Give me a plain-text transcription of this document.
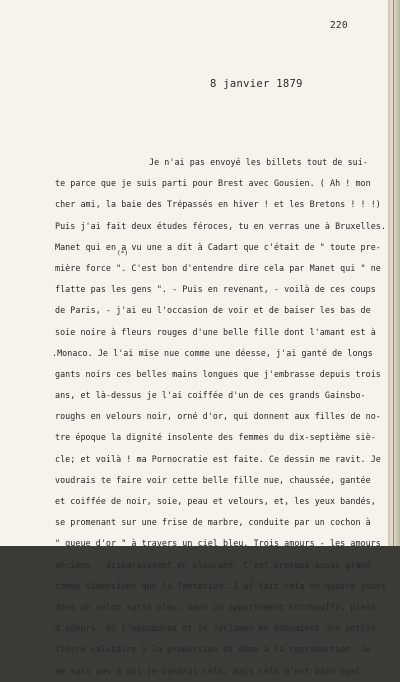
220
8 janvier 1879
Je n'ai pas envoyé les billets tout de sui-
te parce que je suis parti pour Brest avec Gousien. ( Ah ! mon
cher ami, la baie des Trépassés en hiver ! et les Bretons ! ! !)
Puis j'ai fait deux études féroces, tu en verras une à Bruxelles.
Manet qui en a vu une a dit à Cadart que c'était de " toute pre-
mière force ". C'est bon d'entendre dire cela par Manet qui " ne
flatte pas les gens ". - Puis en revenant, - voilà de ces coups
de Paris, - j'ai eu l'occasion de voir et de baiser les bas de
soie noire à fleurs rouges d'une belle fille dont l'amant est à
.Monaco. Je l'ai mise nue comme une déesse, j'ai ganté de longs
gants noirs ces belles mains longues que j'embrasse depuis trois
ans, et là-dessus je l'ai coiffée d'un de ces grands Gainsbo-
roughs en velours noir, orné d'or, qui donnent aux filles de no-
tre époque la dignité insolente des femmes du dix-septième siè-
cle; et voilà ! ma Pornocratie est faite. Ce dessin me ravit. Je
voudrais te faire voir cette belle fille nue, chaussée, gantée
et coiffée de noir, soie, peau et velours, et, les yeux bandés,
se promenant sur une frise de marbre, conduite par un cochon à
" queue d'or " à travers un ciel bleu. Trois amours - les amours
anciens - disparaissent en pleurant. C'est presque aussi grand
comme dimensions que la Tentation. J'ai fait cela en quatre jours
dans un salon satin bleu, dans un appartement surchauffé, plein
d'odeurs, où l'oppoponax et le cyclamen me donnaient une petite
fièvre salutaire à la production et même à la reproduction. Je
ne sais pas à qui je vendrai cela, mais cela m'est bien égal.
(*)
